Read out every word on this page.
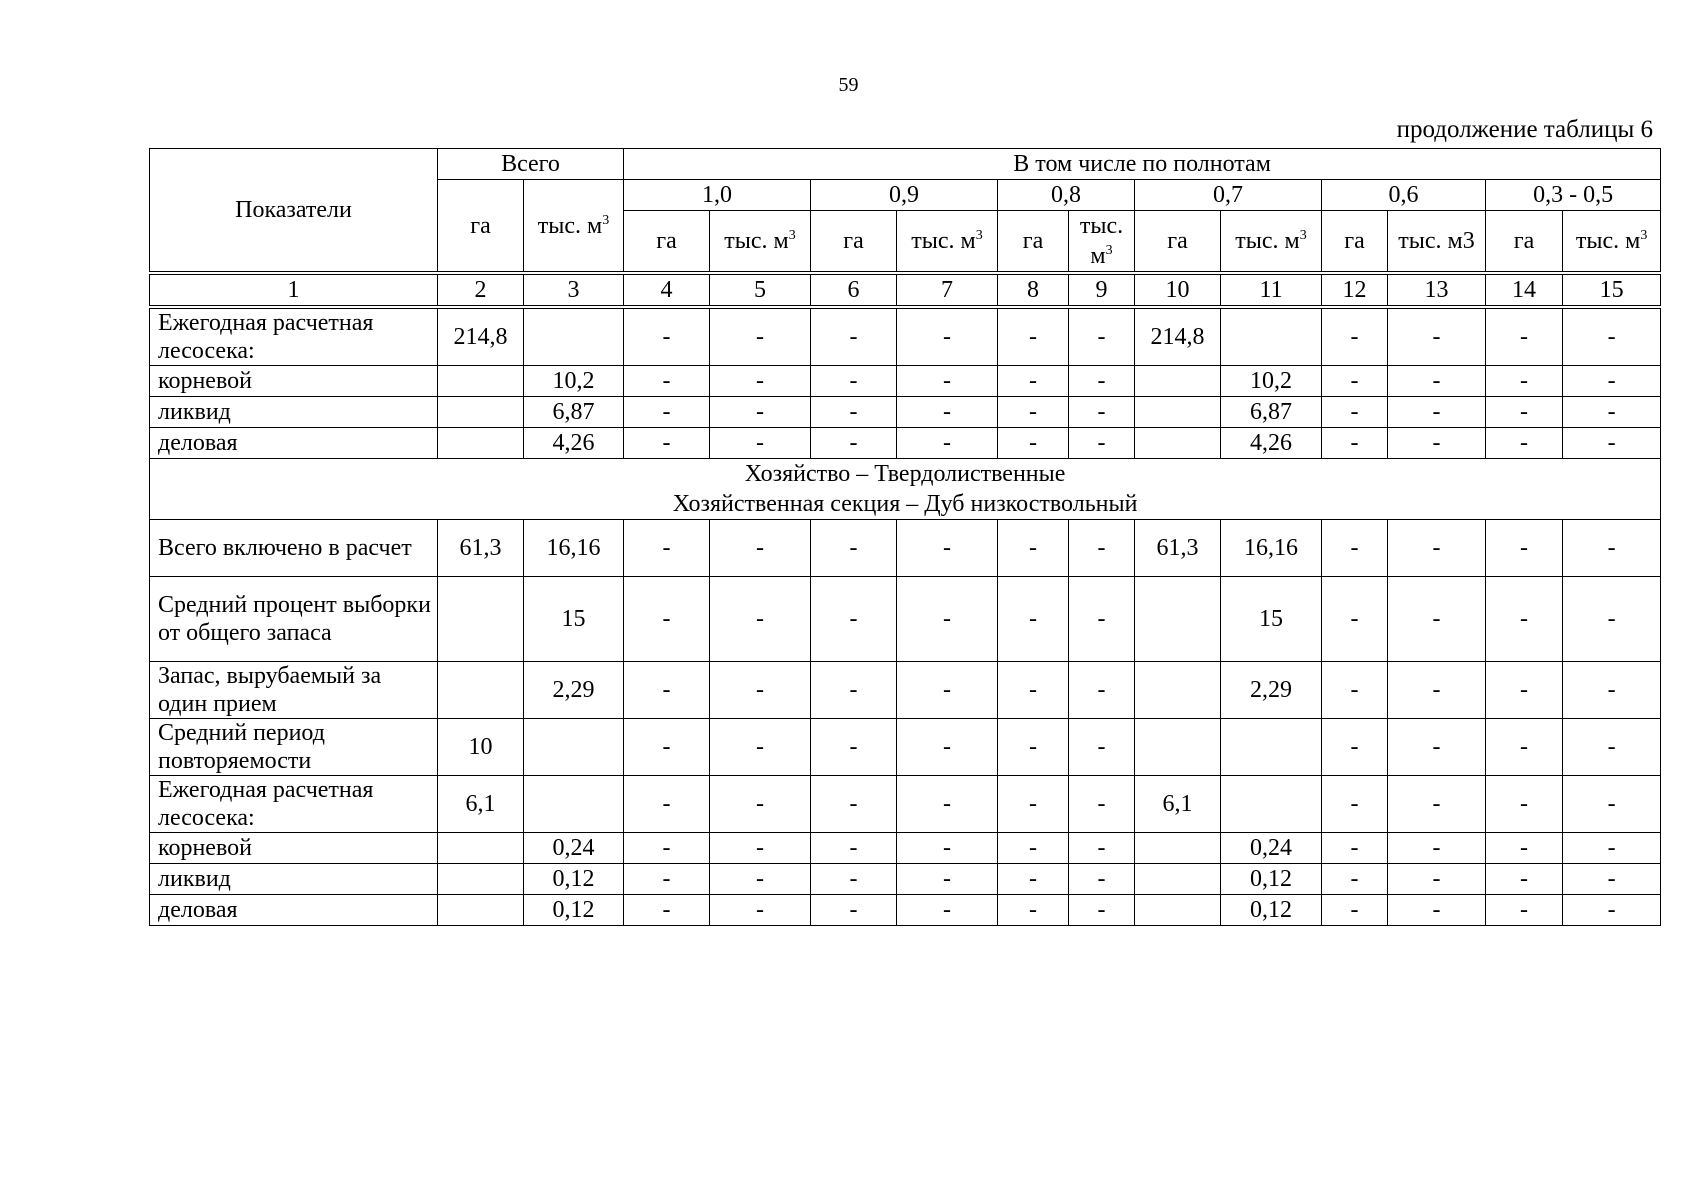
59
продолжение таблицы 6
Показатели	Всего		В том числе по полнотам											
	га	тыс. $м^3$	1,0		0,9		0,8		0,7		0,6		0,3 - 0,5	
			га	тыс. $м^3$	га	тыс. $м^3$	га	тыс.
$м^3$	га	тыс. $м^3$	га	тыс. м3	га	тыс. $м^3$
1	2	3	4	5	6	7	8	9	10	11	12	13	14	15
Ежегодная расчетная лесосека:	214,8		-	-	-	-	-	-	214,8		-	-	-	-
корневой		10,2	-	-	-	-	-	-		10,2	-	-	-	-
ликвид		6,87	-	-	-	-	-	-		6,87	-	-	-	-
деловая		4,26	-	-	-	-	-	-		4,26	-	-	-	-

Хозяйство – Твердолиственные
Хозяйственная секция – Дуб низкоствольный														

Всего включено в расчет	61,3	16,16	-	-	-	-	-	-	61,3	16,16	-	-	-	-
Средний процент выборки от общего запаса		15	-	-	-	-	-	-		15	-	-	-	-
Запас, вырубаемый за один прием		2,29	-	-	-	-	-	-		2,29	-	-	-	-
Средний период повторяемости	10		-	-	-	-	-	-			-	-	-	-
Ежегодная расчетная лесосека:	6,1		-	-	-	-	-	-	6,1		-	-	-	-
корневой		0,24	-	-	-	-	-	-		0,24	-	-	-	-
ликвид		0,12	-	-	-	-	-	-		0,12	-	-	-	-
деловая		0,12	-	-	-	-	-	-		0,12	-	-	-	-
